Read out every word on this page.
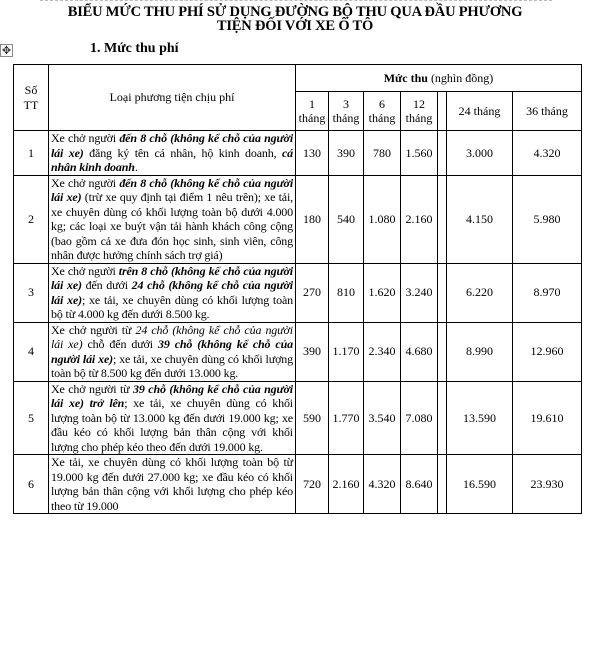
BIỂU MỨC THU PHÍ SỬ DỤNG ĐƯỜNG BỘ THU QUA ĐẦU PHƯƠNG
TIỆN ĐỐI VỚI XE Ô TÔ
✥	1. Mức thu phí
Số TT	Loại phương tiện chịu phí	Mức thu (nghìn đồng)						
		1 tháng	3 tháng	6 tháng	12 tháng		24 tháng	36 tháng
1	Xe chở người đến 8 chỗ (không kể chỗ của người lái xe) đăng ký tên cá nhân, hộ kinh doanh, cá nhân kinh doanh.	130	390	780	1.560		3.000	4.320
2	Xe chở người đến 8 chỗ (không kể chỗ của người lái xe) (trừ xe quy định tại điểm 1 nêu trên); xe tải, xe chuyên dùng có khối lượng toàn bộ dưới 4.000 kg; các loại xe buýt vận tải hành khách công cộng (bao gồm cả xe đưa đón học sinh, sinh viên, công nhân được hưởng chính sách trợ giá)	180	540	1.080	2.160		4.150	5.980
3	Xe chở người trên 8 chỗ (không kể chỗ của người lái xe) đến dưới 24 chỗ (không kể chỗ của người lái xe); xe tải, xe chuyên dùng có khối lượng toàn bộ từ 4.000 kg đến dưới 8.500 kg.	270	810	1.620	3.240		6.220	8.970
4	Xe chở người từ 24 chỗ (không kể chỗ của người lái xe) chỗ đến dưới 39 chỗ (không kể chỗ của người lái xe); xe tải, xe chuyên dùng có khối lượng toàn bộ từ 8.500 kg đến dưới 13.000 kg.	390	1.170	2.340	4.680		8.990	12.960
5	Xe chở người từ 39 chỗ (không kể chỗ của người lái xe) trở lên; xe tải, xe chuyên dùng có khối lượng toàn bộ từ 13.000 kg đến dưới 19.000 kg; xe đầu kéo có khối lượng bản thân cộng với khối lượng cho phép kéo theo đến dưới 19.000 kg.	590	1.770	3.540	7.080		13.590	19.610
6	Xe tải, xe chuyên dùng có khối lượng toàn bộ từ 19.000 kg đến dưới 27.000 kg; xe đầu kéo có khối lượng bản thân cộng với khối lượng cho phép kéo theo từ 19.000	720	2.160	4.320	8.640		16.590	23.930
